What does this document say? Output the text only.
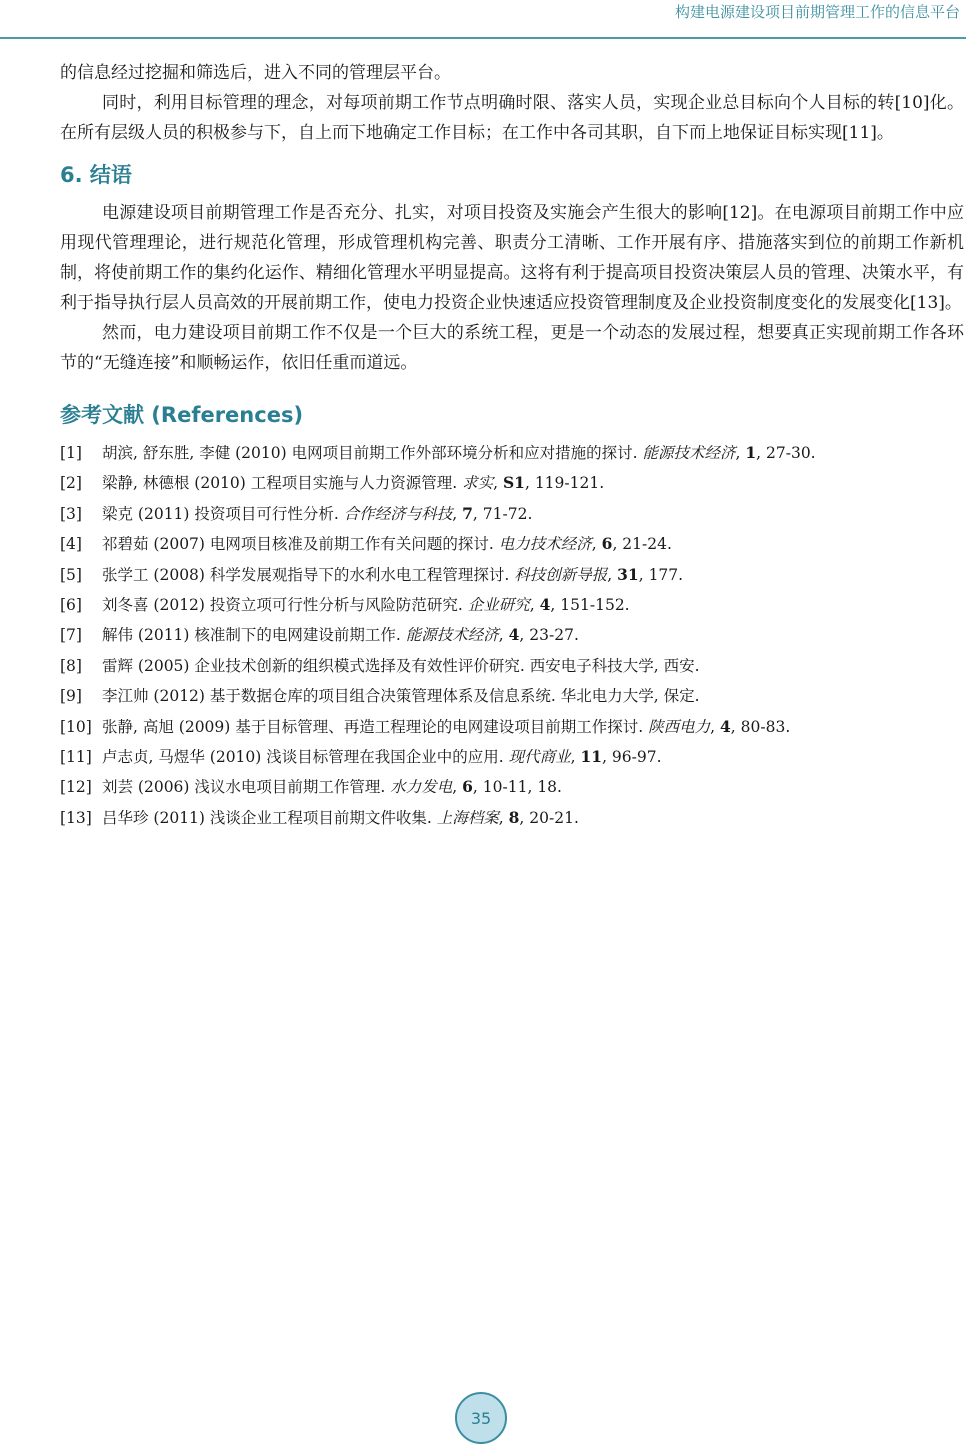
构建电源建设项目前期管理工作的信息平台

的信息经过挖掘和筛选后，进入不同的管理层平台。

同时，利用目标管理的理念，对每项前期工作节点明确时限、落实人员，实现企业总目标向个人目标的转[10]化。在所有层级人员的积极参与下，自上而下地确定工作目标；在工作中各司其职，自下而上地保证目标实现[11]。

6. 结语

电源建设项目前期管理工作是否充分、扎实，对项目投资及实施会产生很大的影响[12]。在电源项目前期工作中应用现代管理理论，进行规范化管理，形成管理机构完善、职责分工清晰、工作开展有序、措施落实到位的前期工作新机制，将使前期工作的集约化运作、精细化管理水平明显提高。这将有利于提高项目投资决策层人员的管理、决策水平，有利于指导执行层人员高效的开展前期工作，使电力投资企业快速适应投资管理制度及企业投资制度变化的发展变化[13]。

然而，电力建设项目前期工作不仅是一个巨大的系统工程，更是一个动态的发展过程，想要真正实现前期工作各环节的“无缝连接”和顺畅运作，依旧任重而道远。

参考文献 (References)
[1]	胡滨, 舒东胜, 李健 (2010) 电网项目前期工作外部环境分析和应对措施的探讨. 能源技术经济, 1, 27-30.
[2]	梁静, 林德根 (2010) 工程项目实施与人力资源管理. 求实, S1, 119-121.
[3]	梁克 (2011) 投资项目可行性分析. 合作经济与科技, 7, 71-72.
[4]	祁碧茹 (2007) 电网项目核准及前期工作有关问题的探讨. 电力技术经济, 6, 21-24.
[5]	张学工 (2008) 科学发展观指导下的水利水电工程管理探讨. 科技创新导报, 31, 177.
[6]	刘冬喜 (2012) 投资立项可行性分析与风险防范研究. 企业研究, 4, 151-152.
[7]	解伟 (2011) 核准制下的电网建设前期工作. 能源技术经济, 4, 23-27.
[8]	雷辉 (2005) 企业技术创新的组织模式选择及有效性评价研究. 西安电子科技大学, 西安.
[9]	李江帅 (2012) 基于数据仓库的项目组合决策管理体系及信息系统. 华北电力大学, 保定.
[10] 张静, 高旭 (2009) 基于目标管理、再造工程理论的电网建设项目前期工作探讨. 陕西电力, 4, 80-83.
[11] 卢志贞, 马煜华 (2010) 浅谈目标管理在我国企业中的应用. 现代商业, 11, 96-97.
[12] 刘芸 (2006) 浅议水电项目前期工作管理. 水力发电, 6, 10-11, 18.
[13] 吕华珍 (2011) 浅谈企业工程项目前期文件收集. 上海档案, 8, 20-21.
35
